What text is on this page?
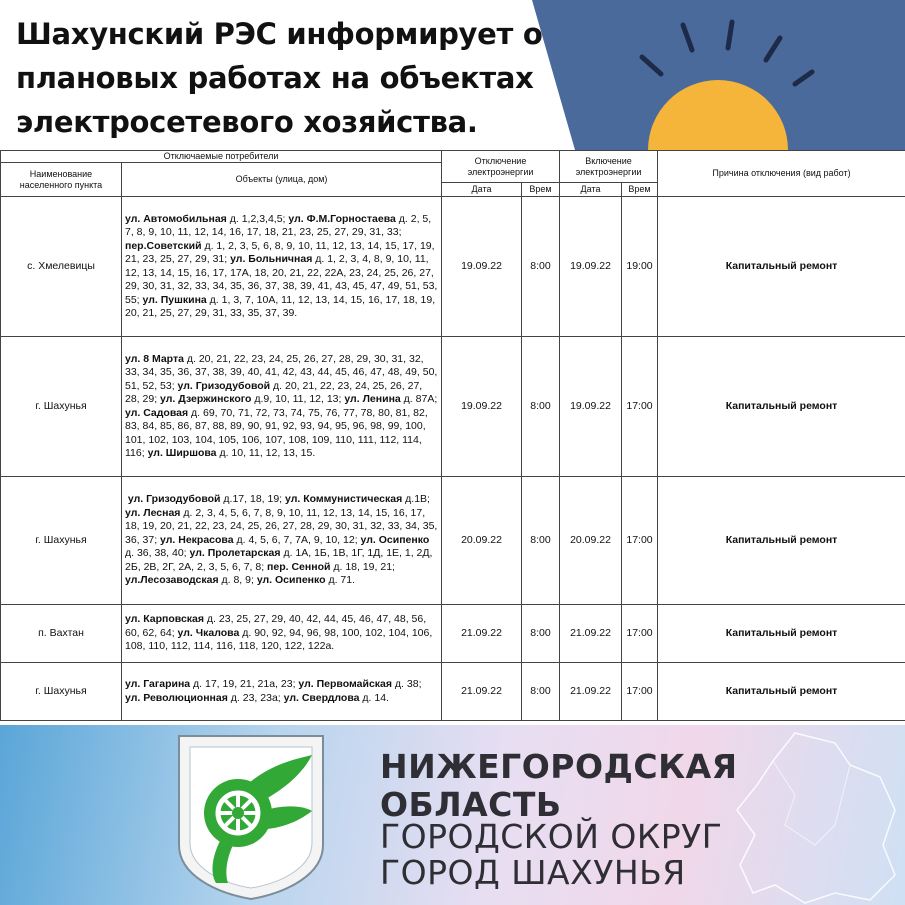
Шахунский РЭС информирует о
плановых работах на объектах
электросетевого хозяйства.
Отключаемые потребители		Отключение электроэнергии		Включение электроэнергии		Причина отключения (вид работ)
Наименование населенного пункта	Объекты (улица, дом)					
		Дата	Врем	Дата	Врем	
с. Хмелевицы	ул. Автомобильная д. 1,2,3,4,5; ул. Ф.М.Горностаева д. 2, 5, 7, 8, 9, 10, 11, 12, 14, 16, 17, 18, 21, 23, 25, 27, 29, 31, 33; пер.Советский д. 1, 2, 3, 5, 6, 8, 9, 10, 11, 12, 13, 14, 15, 17, 19, 21, 23, 25, 27, 29, 31; ул. Больничная д. 1, 2, 3, 4, 8, 9, 10, 11, 12, 13, 14, 15, 16, 17, 17А, 18, 20, 21, 22, 22А, 23, 24, 25, 26, 27, 29, 30, 31, 32, 33, 34, 35, 36, 37, 38, 39, 41, 43, 45, 47, 49, 51, 53, 55; ул. Пушкина д. 1, 3, 7, 10А, 11, 12, 13, 14, 15, 16, 17, 18, 19, 20, 21, 25, 27, 29, 31, 33, 35, 37, 39.	19.09.22	8:00	19.09.22	19:00	Капитальный ремонт
г. Шахунья	ул. 8 Марта д. 20, 21, 22, 23, 24, 25, 26, 27, 28, 29, 30, 31, 32, 33, 34, 35, 36, 37, 38, 39, 40, 41, 42, 43, 44, 45, 46, 47, 48, 49, 50, 51, 52, 53; ул. Гризодубовой д. 20, 21, 22, 23, 24, 25, 26, 27, 28, 29; ул. Дзержинского д.9, 10, 11, 12, 13; ул. Ленина д. 87А; ул. Садовая д. 69, 70, 71, 72, 73, 74, 75, 76, 77, 78, 80, 81, 82, 83, 84, 85, 86, 87, 88, 89, 90, 91, 92, 93, 94, 95, 96, 98, 99, 100, 101, 102, 103, 104, 105, 106, 107, 108, 109, 110, 111, 112, 114, 116; ул. Ширшова д. 10, 11, 12, 13, 15.	19.09.22	8:00	19.09.22	17:00	Капитальный ремонт
г. Шахунья	ул. Гризодубовой д.17, 18, 19; ул. Коммунистическая д.1В; ул. Лесная д. 2, 3, 4, 5, 6, 7, 8, 9, 10, 11, 12, 13, 14, 15, 16, 17, 18, 19, 20, 21, 22, 23, 24, 25, 26, 27, 28, 29, 30, 31, 32, 33, 34, 35, 36, 37; ул. Некрасова д. 4, 5, 6, 7, 7А, 9, 10, 12; ул. Осипенко д. 36, 38, 40; ул. Пролетарская д. 1А, 1Б, 1В, 1Г, 1Д, 1Е, 1, 2Д, 2Б, 2В, 2Г, 2А, 2, 3, 5, 6, 7, 8; пер. Сенной д. 18, 19, 21; ул.Лесозаводская д. 8, 9; ул. Осипенко д. 71.	20.09.22	8:00	20.09.22	17:00	Капитальный ремонт
п. Вахтан	ул. Карповская д. 23, 25, 27, 29, 40, 42, 44, 45, 46, 47, 48, 56, 60, 62, 64; ул. Чкалова д. 90, 92, 94, 96, 98, 100, 102, 104, 106, 108, 110, 112, 114, 116, 118, 120, 122, 122а.	21.09.22	8:00	21.09.22	17:00	Капитальный ремонт
г. Шахунья	ул. Гагарина д. 17, 19, 21, 21а, 23; ул. Первомайская д. 38; ул. Революционная д. 23, 23а; ул. Свердлова д. 14.	21.09.22	8:00	21.09.22	17:00	Капитальный ремонт
НИЖЕГОРОДСКАЯ
ОБЛАСТЬ
ГОРОДСКОЙ ОКРУГ
ГОРОД ШАХУНЬЯ
